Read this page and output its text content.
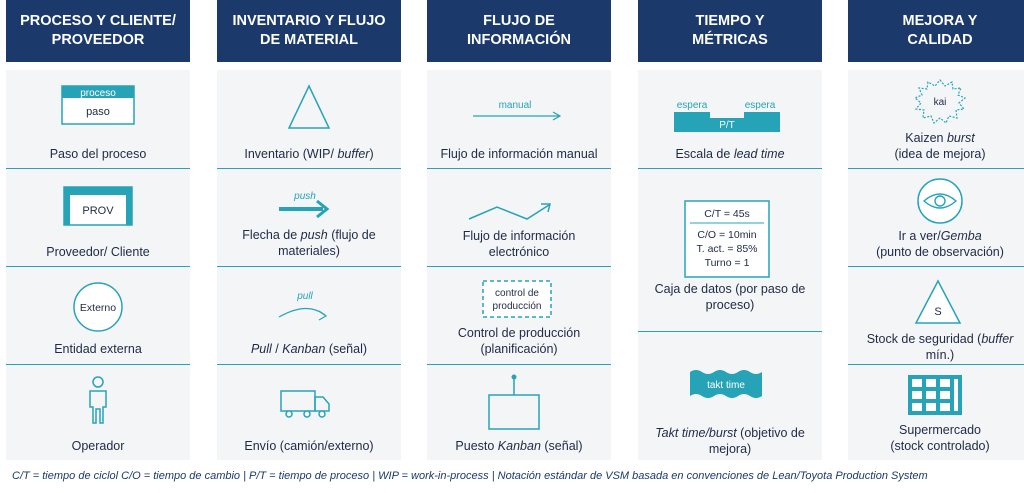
PROCESO Y CLIENTE/
PROVEEDOR
proceso
paso
Paso del proceso
PROV
Proveedor/ Cliente
Externo
Entidad externa
Operador
INVENTARIO Y FLUJO
DE MATERIAL
Inventario (WIP/ buffer)
push
Flecha de push (flujo de
materiales)
pull
Pull / Kanban (señal)
Envío (camión/externo)
FLUJO DE
INFORMACIÓN
manual
Flujo de información manual
Flujo de información
electrónico
control de
producción
Control de producción
(planificación)
Puesto Kanban (señal)
TIEMPO Y
MÉTRICAS
espera	espera
P/T
Escala de lead time
C/T = 45s
C/O = 10min
T. act. = 85%
Turno = 1
Caja de datos (por paso de
proceso)
takt time
Takt time/burst (objetivo de
mejora)
MEJORA Y
CALIDAD
kai
Kaizen burst
(idea de mejora)
Ir a ver/Gemba
(punto de observación)
S
Stock de seguridad (buffer
mín.)
Supermercado
(stock controlado)
C/T = tiempo de ciclol C/O = tiempo de cambio | P/T = tiempo de proceso | WIP = work-in-process | Notación estándar de VSM basada en convenciones de Lean/Toyota Production System
